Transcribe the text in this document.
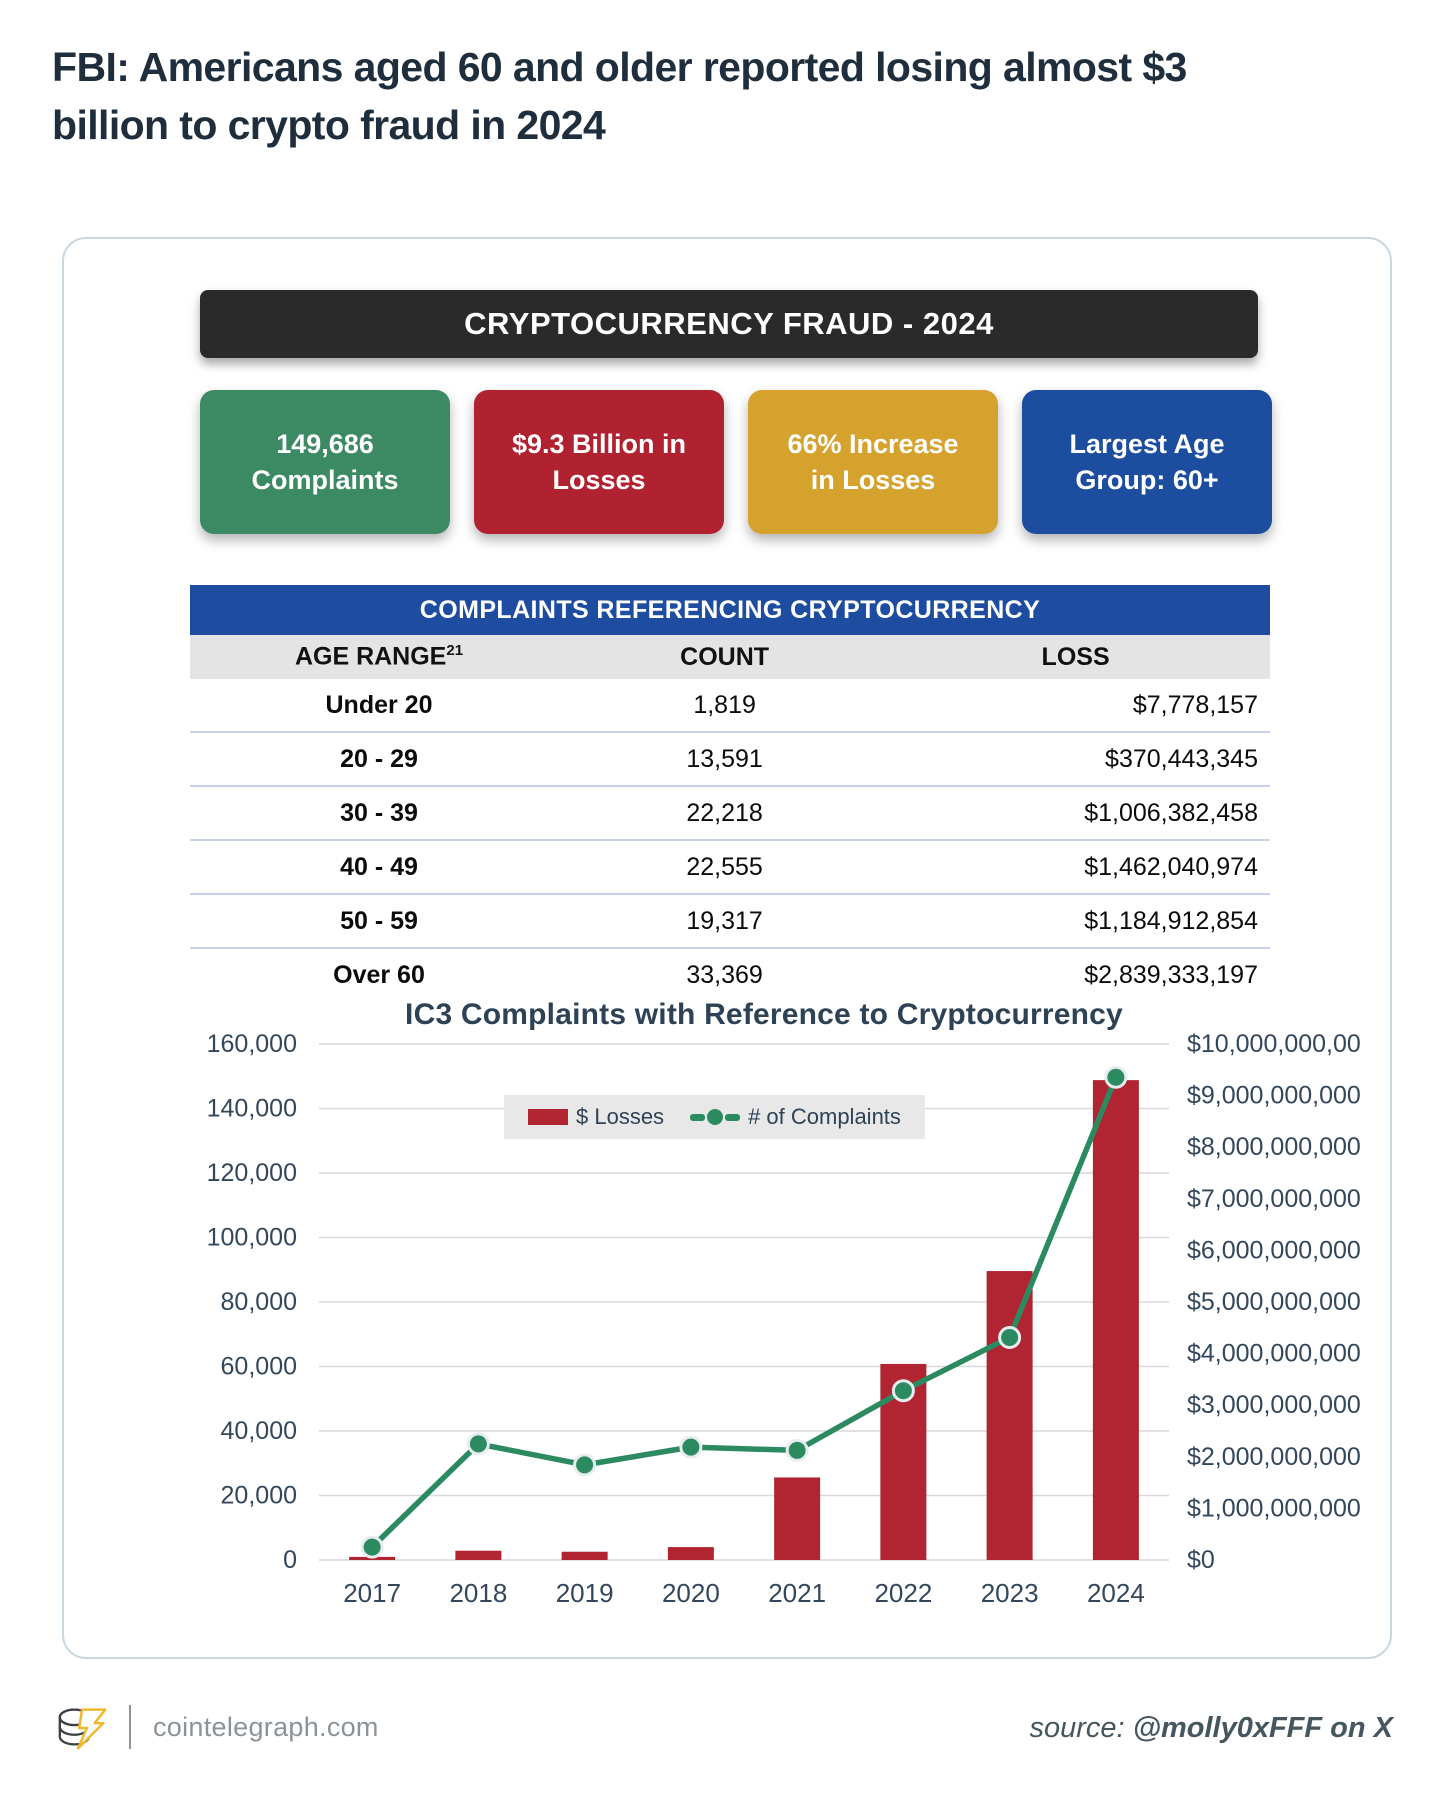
FBI: Americans aged 60 and older reported losing almost $3 billion to crypto fraud in 2024
CRYPTOCURRENCY FRAUD - 2024
149,686
Complaints
$9.3 Billion in
Losses
66% Increase
in Losses
Largest Age
Group: 60+
COMPLAINTS REFERENCING CRYPTOCURRENCY
AGE RANGE$^{21}$	COUNT	LOSS
Under 20	1,819	$7,778,157
20 - 29	13,591	$370,443,345
30 - 39	22,218	$1,006,382,458
40 - 49	22,555	$1,462,040,974
50 - 59	19,317	$1,184,912,854
Over 60	33,369	$2,839,333,197
IC3 Complaints with Reference to Cryptocurrency
160,000
140,000
120,000
100,000
80,000
60,000
40,000
20,000
0
$10,000,000,00
$9,000,000,000
$8,000,000,000
$7,000,000,000
$6,000,000,000
$5,000,000,000
$4,000,000,000
$3,000,000,000
$2,000,000,000
$1,000,000,000
$0
2017 2018 2019 2020 2021 2022 2023 2024
$ Losses	# of Complaints
cointelegraph.com	source: @molly0xFFF on X
